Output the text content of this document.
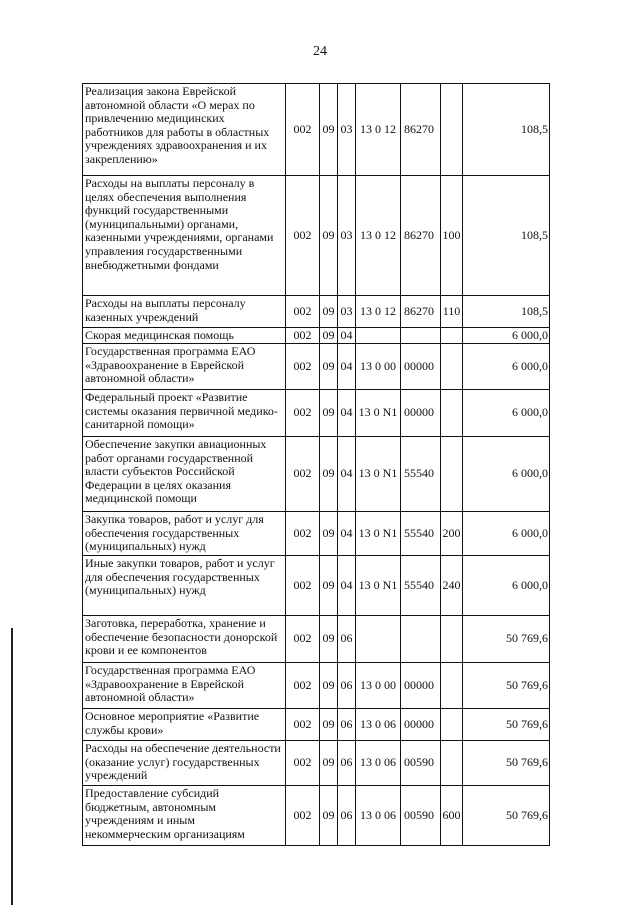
24
Реализация закона Еврейской автономной области «О мерах по привлечению медицинских работников для работы в областных учреждениях здравоохранения и их закреплению»	002	09	03	13 0 12	86270		108,5
Расходы на выплаты персоналу в целях обеспечения выполнения функций государственными (муниципальными) органами, казенными учреждениями, органами управления государственными внебюджетными фондами	002	09	03	13 0 12	86270	100	108,5
Расходы на выплаты персоналу казенных учреждений	002	09	03	13 0 12	86270	110	108,5
Скорая медицинская помощь	002	09	04				6 000,0
Государственная программа ЕАО «Здравоохранение в Еврейской автономной области»	002	09	04	13 0 00	00000		6 000,0
Федеральный проект «Развитие системы оказания первичной медико-санитарной помощи»	002	09	04	13 0 N1	00000		6 000,0
Обеспечение закупки авиационных работ органами государственной власти субъектов Российской Федерации в целях оказания медицинской помощи	002	09	04	13 0 N1	55540		6 000,0
Закупка товаров, работ и услуг для обеспечения государственных (муниципальных) нужд	002	09	04	13 0 N1	55540	200	6 000,0
Иные закупки товаров, работ и услуг для обеспечения государственных (муниципальных) нужд	002	09	04	13 0 N1	55540	240	6 000,0
Заготовка, переработка, хранение и обеспечение безопасности донорской крови и ее компонентов	002	09	06				50 769,6
Государственная программа ЕАО «Здравоохранение в Еврейской автономной области»	002	09	06	13 0 00	00000		50 769,6
Основное мероприятие «Развитие службы крови»	002	09	06	13 0 06	00000		50 769,6
Расходы на обеспечение деятельности (оказание услуг) государственных учреждений	002	09	06	13 0 06	00590		50 769,6
Предоставление субсидий бюджетным, автономным учреждениям и иным некоммерческим организациям	002	09	06	13 0 06	00590	600	50 769,6
